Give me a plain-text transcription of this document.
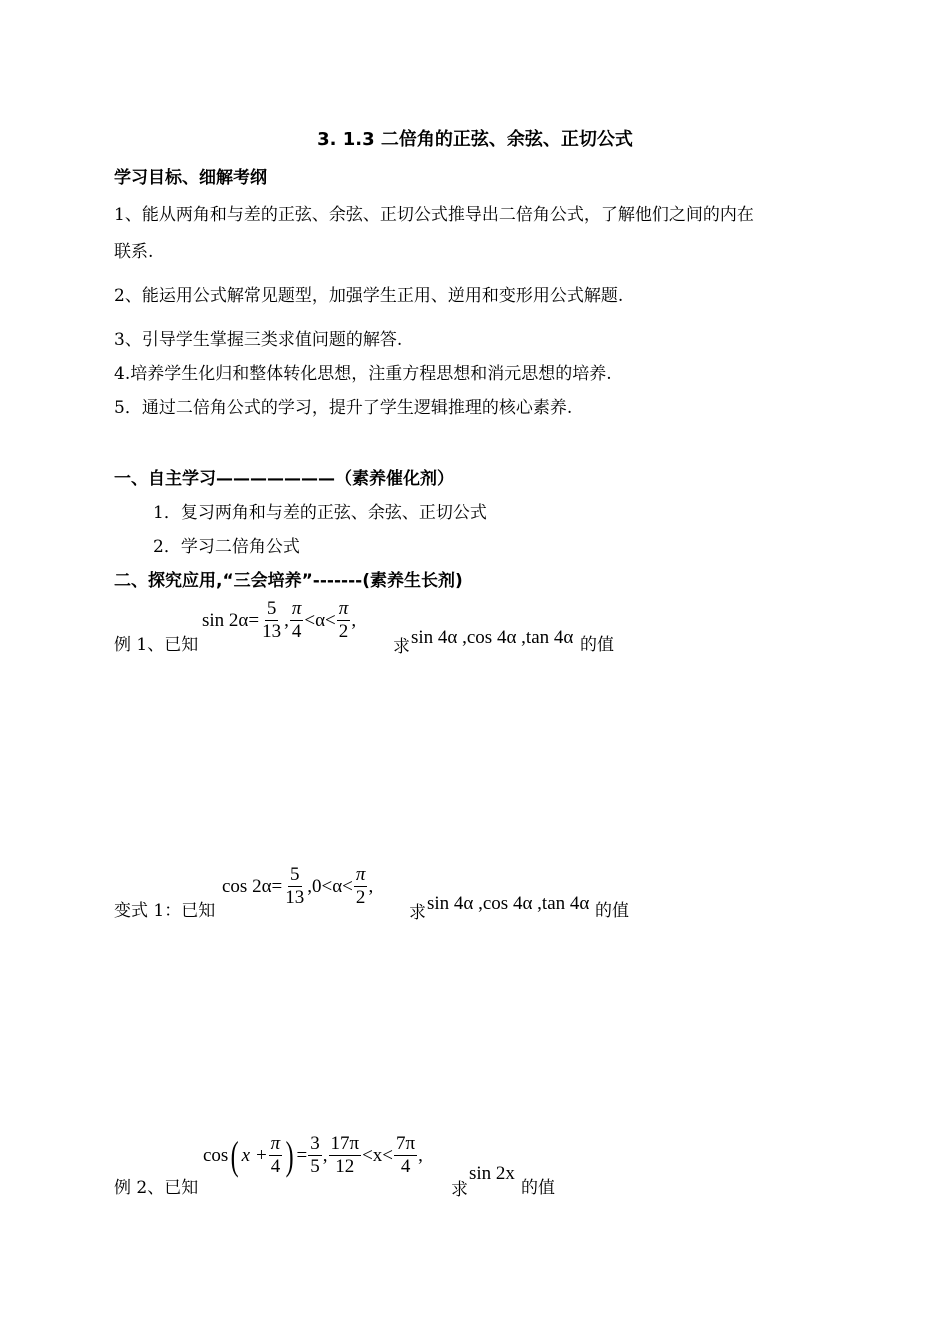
3. 1.3 二倍角的正弦、余弦、正切公式
学习目标、细解考纲
1、能从两角和与差的正弦、余弦、正切公式推导出二倍角公式，了解他们之间的内在
联系.
2、能运用公式解常见题型，加强学生正用、逆用和变形用公式解题.
3、引导学生掌握三类求值问题的解答.
4.培养学生化归和整体转化思想，注重方程思想和消元思想的培养.
5．通过二倍角公式的学习，提升了学生逻辑推理的核心素养.
一、自主学习———————（素养催化剂）
1．复习两角和与差的正弦、余弦、正切公式
2．学习二倍角公式
二、探究应用,“三会培养”-------(素养生长剂)
例 1、已知
$\sin 2\alpha= \frac{5}{13}$ , $\frac{\pi}{4} <\alpha< \frac{\pi}{2}$ ,
求 sin 4α ,cos 4α ,tan 4α 的值
变式 1：已知
$\cos 2\alpha= \frac{5}{13} ,0<\alpha< \frac{\pi}{2}$ ,
求 sin 4α ,cos 4α ,tan 4α 的值
例 2、已知
cos( $x + \frac{\pi}{4}$ ) = $\frac{3}{5}$ , $\frac{17\pi}{12} <x< \frac{7\pi}{4}$ ,
求
sin 2x
的值
